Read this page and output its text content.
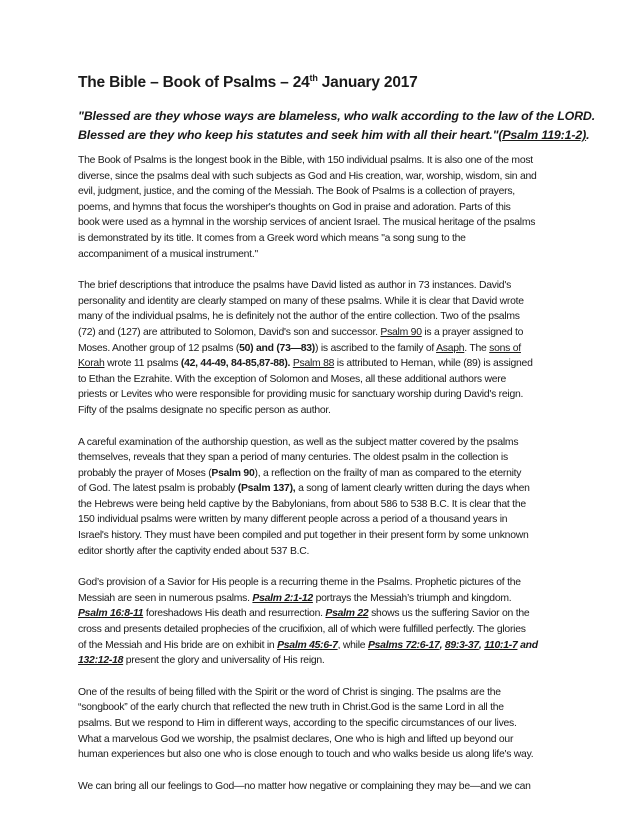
The Bible – Book of Psalms – 24th January 2017
"Blessed are they whose ways are blameless, who walk according to the law of the LORD.
Blessed are they who keep his statutes and seek him with all their heart."(Psalm 119:1-2).

The Book of Psalms is the longest book in the Bible, with 150 individual psalms. It is also one of the most
diverse, since the psalms deal with such subjects as God and His creation, war, worship, wisdom, sin and
evil, judgment, justice, and the coming of the Messiah. The Book of Psalms is a collection of prayers,
poems, and hymns that focus the worshiper's thoughts on God in praise and adoration. Parts of this
book were used as a hymnal in the worship services of ancient Israel. The musical heritage of the psalms
is demonstrated by its title. It comes from a Greek word which means "a song sung to the
accompaniment of a musical instrument."

The brief descriptions that introduce the psalms have David listed as author in 73 instances. David's
personality and identity are clearly stamped on many of these psalms. While it is clear that David wrote
many of the individual psalms, he is definitely not the author of the entire collection. Two of the psalms
(72) and (127) are attributed to Solomon, David's son and successor. Psalm 90 is a prayer assigned to
Moses. Another group of 12 psalms (50) and (73—83)) is ascribed to the family of Asaph. The sons of
Korah wrote 11 psalms (42, 44-49, 84-85,87-88). Psalm 88 is attributed to Heman, while (89) is assigned
to Ethan the Ezrahite. With the exception of Solomon and Moses, all these additional authors were
priests or Levites who were responsible for providing music for sanctuary worship during David's reign.
Fifty of the psalms designate no specific person as author.

A careful examination of the authorship question, as well as the subject matter covered by the psalms
themselves, reveals that they span a period of many centuries. The oldest psalm in the collection is
probably the prayer of Moses (Psalm 90), a reflection on the frailty of man as compared to the eternity
of God. The latest psalm is probably (Psalm 137), a song of lament clearly written during the days when
the Hebrews were being held captive by the Babylonians, from about 586 to 538 B.C. It is clear that the
150 individual psalms were written by many different people across a period of a thousand years in
Israel's history. They must have been compiled and put together in their present form by some unknown
editor shortly after the captivity ended about 537 B.C.

God’s provision of a Savior for His people is a recurring theme in the Psalms. Prophetic pictures of the
Messiah are seen in numerous psalms. Psalm 2:1-12 portrays the Messiah’s triumph and kingdom.
Psalm 16:8-11 foreshadows His death and resurrection. Psalm 22 shows us the suffering Savior on the
cross and presents detailed prophecies of the crucifixion, all of which were fulfilled perfectly. The glories
of the Messiah and His bride are on exhibit in Psalm 45:6-7, while Psalms 72:6-17, 89:3-37, 110:1-7 and
132:12-18 present the glory and universality of His reign.

One of the results of being filled with the Spirit or the word of Christ is singing. The psalms are the
“songbook” of the early church that reflected the new truth in Christ.God is the same Lord in all the
psalms. But we respond to Him in different ways, according to the specific circumstances of our lives.
What a marvelous God we worship, the psalmist declares, One who is high and lifted up beyond our
human experiences but also one who is close enough to touch and who walks beside us along life's way.

We can bring all our feelings to God—no matter how negative or complaining they may be—and we can
